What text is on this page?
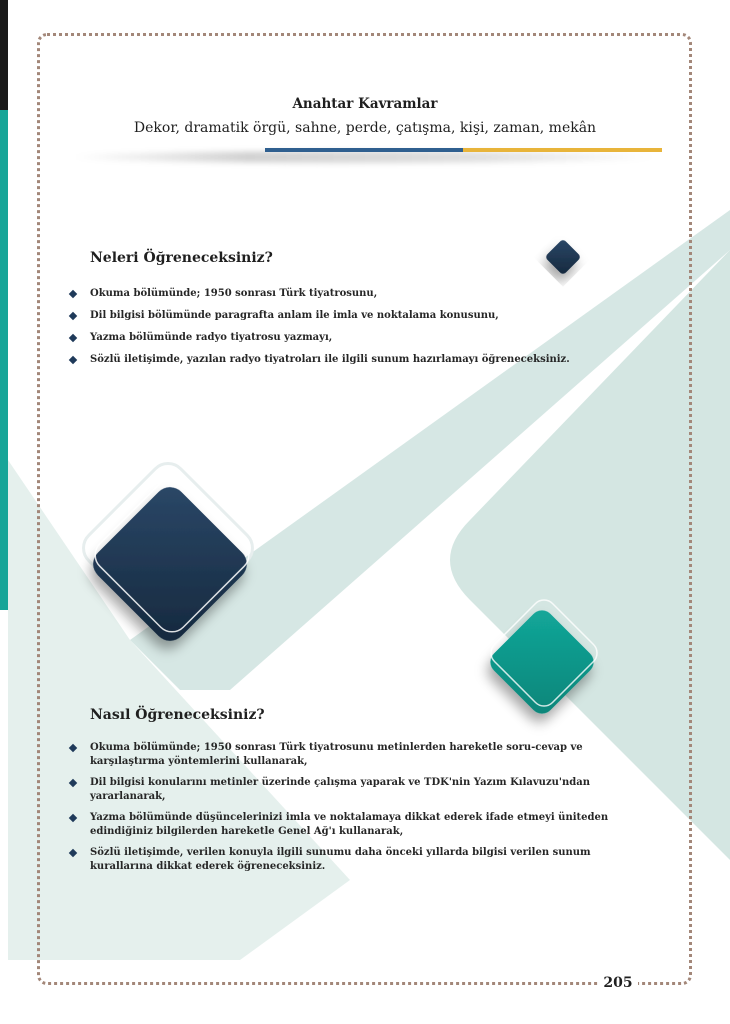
Anahtar Kavramlar
Dekor, dramatik örgü, sahne, perde, çatışma, kişi, zaman, mekân
Neleri Öğreneceksiniz?
Okuma bölümünde; 1950 sonrası Türk tiyatrosunu,
Dil bilgisi bölümünde paragrafta anlam ile imla ve noktalama konusunu,
Yazma bölümünde radyo tiyatrosu yazmayı,
Sözlü iletişimde, yazılan radyo tiyatroları ile ilgili sunum hazırlamayı öğreneceksiniz.
Nasıl Öğreneceksiniz?
Okuma bölümünde; 1950 sonrası Türk tiyatrosunu metinlerden hareketle soru-cevap ve karşılaştırma yöntemlerini kullanarak,
Dil bilgisi konularını metinler üzerinde çalışma yaparak ve TDK'nin Yazım Kılavuzu'ndan yararlanarak,
Yazma bölümünde düşüncelerinizi imla ve noktalamaya dikkat ederek ifade etmeyi üniteden edindiğiniz bilgilerden hareketle Genel Ağ'ı kullanarak,
Sözlü iletişimde, verilen konuyla ilgili sunumu daha önceki yıllarda bilgisi verilen sunum kurallarına dikkat ederek öğreneceksiniz.
205
